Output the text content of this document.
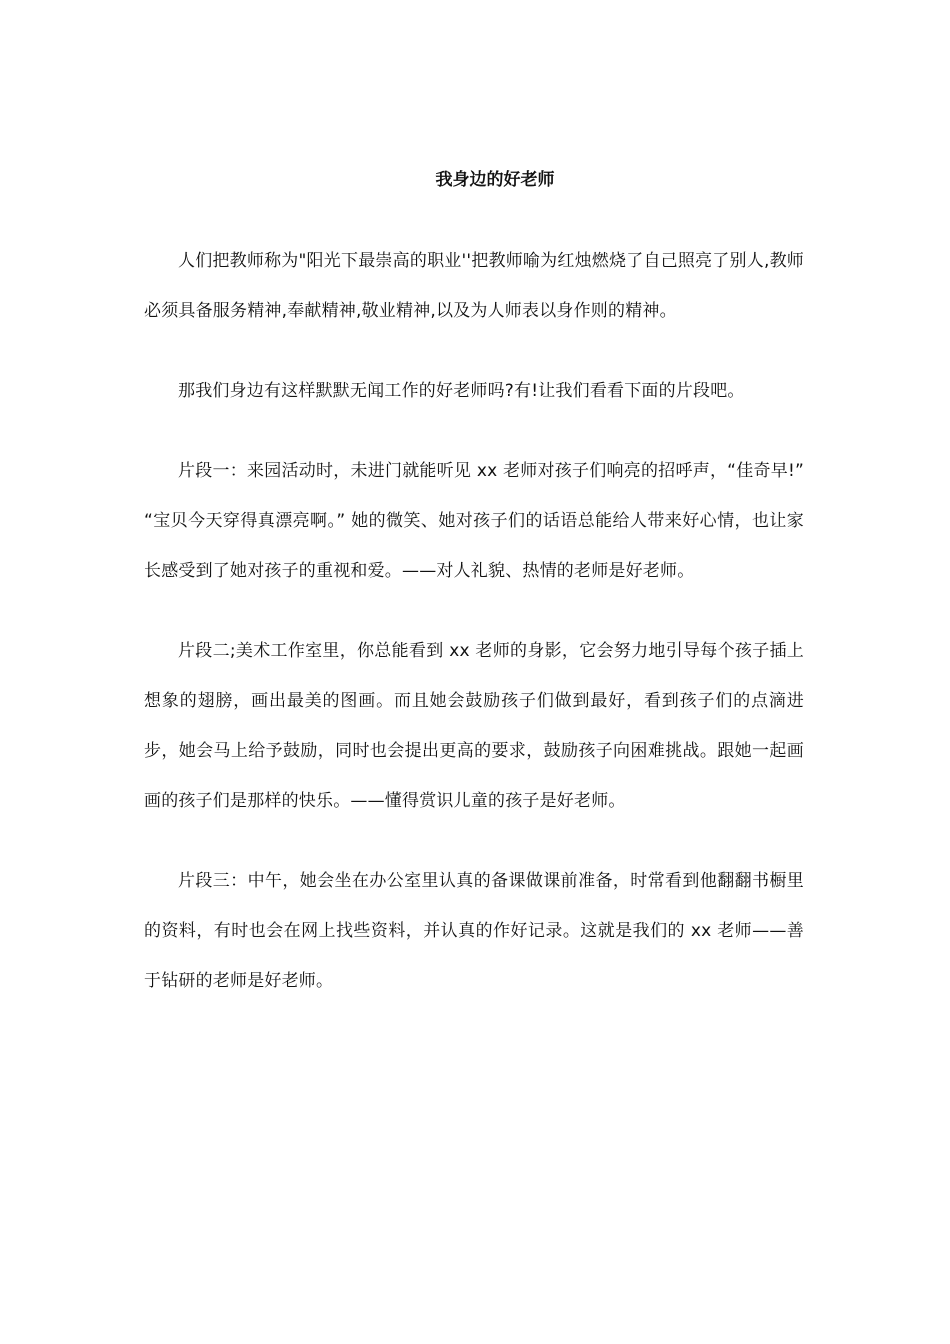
我身边的好老师

人们把教师称为"阳光下最崇高的职业''把教师喻为红烛燃烧了自己照亮了别人,教师必须具备服务精神,奉献精神,敬业精神,以及为人师表以身作则的精神。

那我们身边有这样默默无闻工作的好老师吗?有!让我们看看下面的片段吧。

片段一：来园活动时，未进门就能听见 xx 老师对孩子们响亮的招呼声，“佳奇早!” “宝贝今天穿得真漂亮啊。” 她的微笑、她对孩子们的话语总能给人带来好心情，也让家长感受到了她对孩子的重视和爱。——对人礼貌、热情的老师是好老师。

片段二;美术工作室里，你总能看到 xx 老师的身影，它会努力地引导每个孩子插上想象的翅膀，画出最美的图画。而且她会鼓励孩子们做到最好，看到孩子们的点滴进步，她会马上给予鼓励，同时也会提出更高的要求，鼓励孩子向困难挑战。跟她一起画画的孩子们是那样的快乐。——懂得赏识儿童的孩子是好老师。

片段三：中午，她会坐在办公室里认真的备课做课前准备，时常看到他翻翻书橱里的资料，有时也会在网上找些资料，并认真的作好记录。这就是我们的 xx 老师——善于钻研的老师是好老师。
